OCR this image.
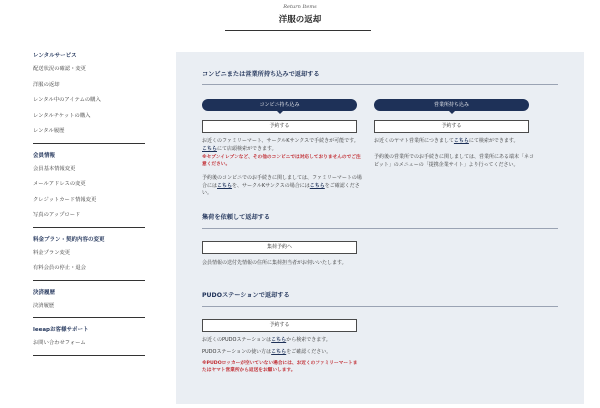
Return Items
洋服の返却
レンタルサービス
配送状況の確認・変更
洋服の返却
レンタル中のアイテムの購入
レンタルチケットの購入
レンタル履歴
会員情報
会員基本情報変更
メールアドレスの変更
クレジットカード情報変更
写真のアップロード
料金プラン・契約内容の変更
料金プラン変更
有料会員の停止・退会
決済履歴
決済履歴
leeapお客様サポート
お問い合わせフォーム
コンビニまたは営業所持ち込みで返却する
コンビニ持ち込み
予約する
お近くのファミリーマート、サークルKサンクスで手続きが可能です。こちらにて店頭検索ができます。
※セブンイレブンなど、その他のコンビニでは対応しておりませんのでご注意ください。
予約後のコンビニでのお手続きに関しましては、ファミリーマートの場合にはこちらを、サークルKサンクスの場合にはこちらをご確認ください。
営業所持ち込み
予約する
お近くのヤマト営業所につきましてこちらにて検索ができます。
予約後の営業所でのお手続きに関しましては、営業所にある端末「ネコピット」のメニューの「提携企業サイト」より行ってください。
集荷を依頼して返却する
集荷予約へ
会員情報の送付先情報の住所に集荷担当者がお伺いいたします。
PUDOステーションで返却する
予約する
お近くのPUDOステーションはこちらから検索できます。
PUDOステーションの使い方はこちらをご確認ください。
※PUDOロッカーが空いていない場合には、お近くのファミリーマートまたはヤマト営業所から返送をお願いします。
